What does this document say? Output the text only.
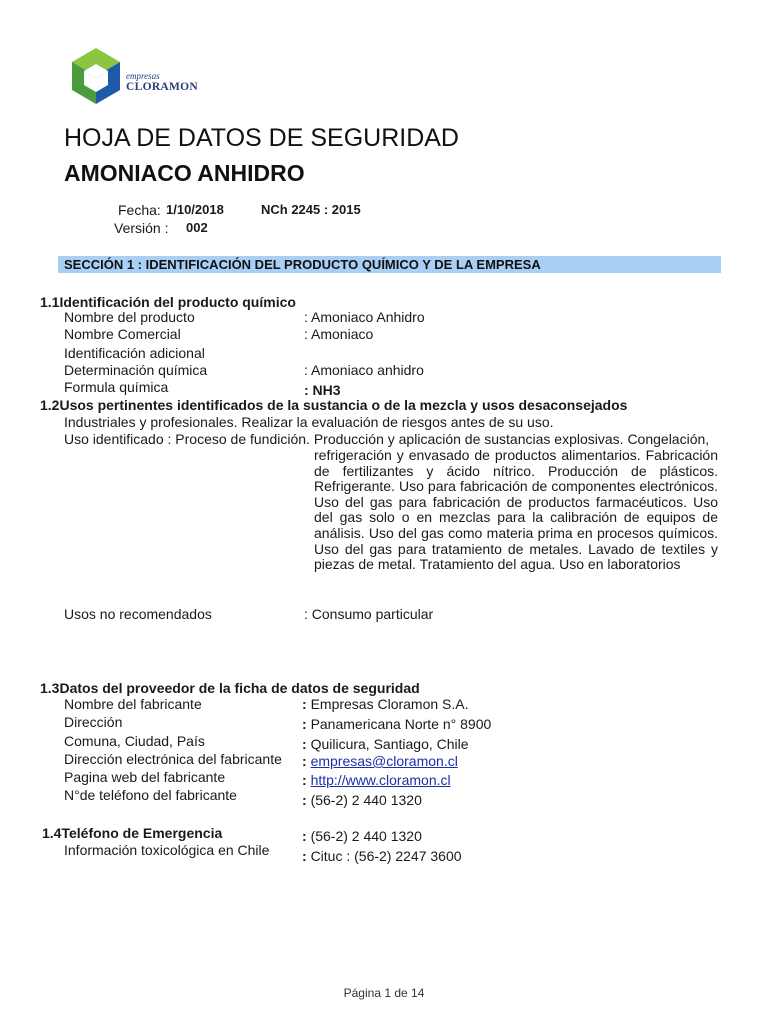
empresas
CLORAMON
HOJA DE DATOS DE SEGURIDAD
AMONIACO ANHIDRO
Fecha: 1/10/2018	NCh 2245 : 2015
Versión : 002
SECCIÓN 1 : IDENTIFICACIÓN DEL PRODUCTO QUÍMICO Y DE LA EMPRESA
1.1Identificación del producto químico
Nombre del producto	: Amoniaco Anhidro
Nombre Comercial	: Amoniaco
Identificación adicional
Determinación química	: Amoniaco anhidro
Formula química	: NH3
1.2Usos pertinentes identificados de la sustancia o de la mezcla y usos desaconsejados
Industriales y profesionales. Realizar la evaluación de riesgos antes de su uso.
Uso identificado : Proceso de fundición. Producción y aplicación de sustancias explosivas. Congelación,
refrigeración y envasado de productos alimentarios. Fabricación de fertilizantes y ácido nítrico. Producción de plásticos. Refrigerante. Uso para fabricación de componentes electrónicos. Uso del gas para fabricación de productos farmacéuticos. Uso del gas solo o en mezclas para la calibración de equipos de análisis. Uso del gas como materia prima en procesos químicos. Uso del gas para tratamiento de metales. Lavado de textiles y piezas de metal. Tratamiento del agua. Uso en laboratorios
Usos no recomendados	: Consumo particular
1.3Datos del proveedor de la ficha de datos de seguridad
Nombre del fabricante	: Empresas Cloramon S.A.
Dirección	: Panamericana Norte n° 8900
Comuna, Ciudad, País	: Quilicura, Santiago, Chile
Dirección electrónica del fabricante : empresas@cloramon.cl
Pagina web del fabricante	: http://www.cloramon.cl
N°de teléfono del fabricante	: (56-2) 2 440 1320
1.4Teléfono de Emergencia	: (56-2) 2 440 1320
Información toxicológica en Chile : Cituc : (56-2) 2247 3600
Página 1 de 14
